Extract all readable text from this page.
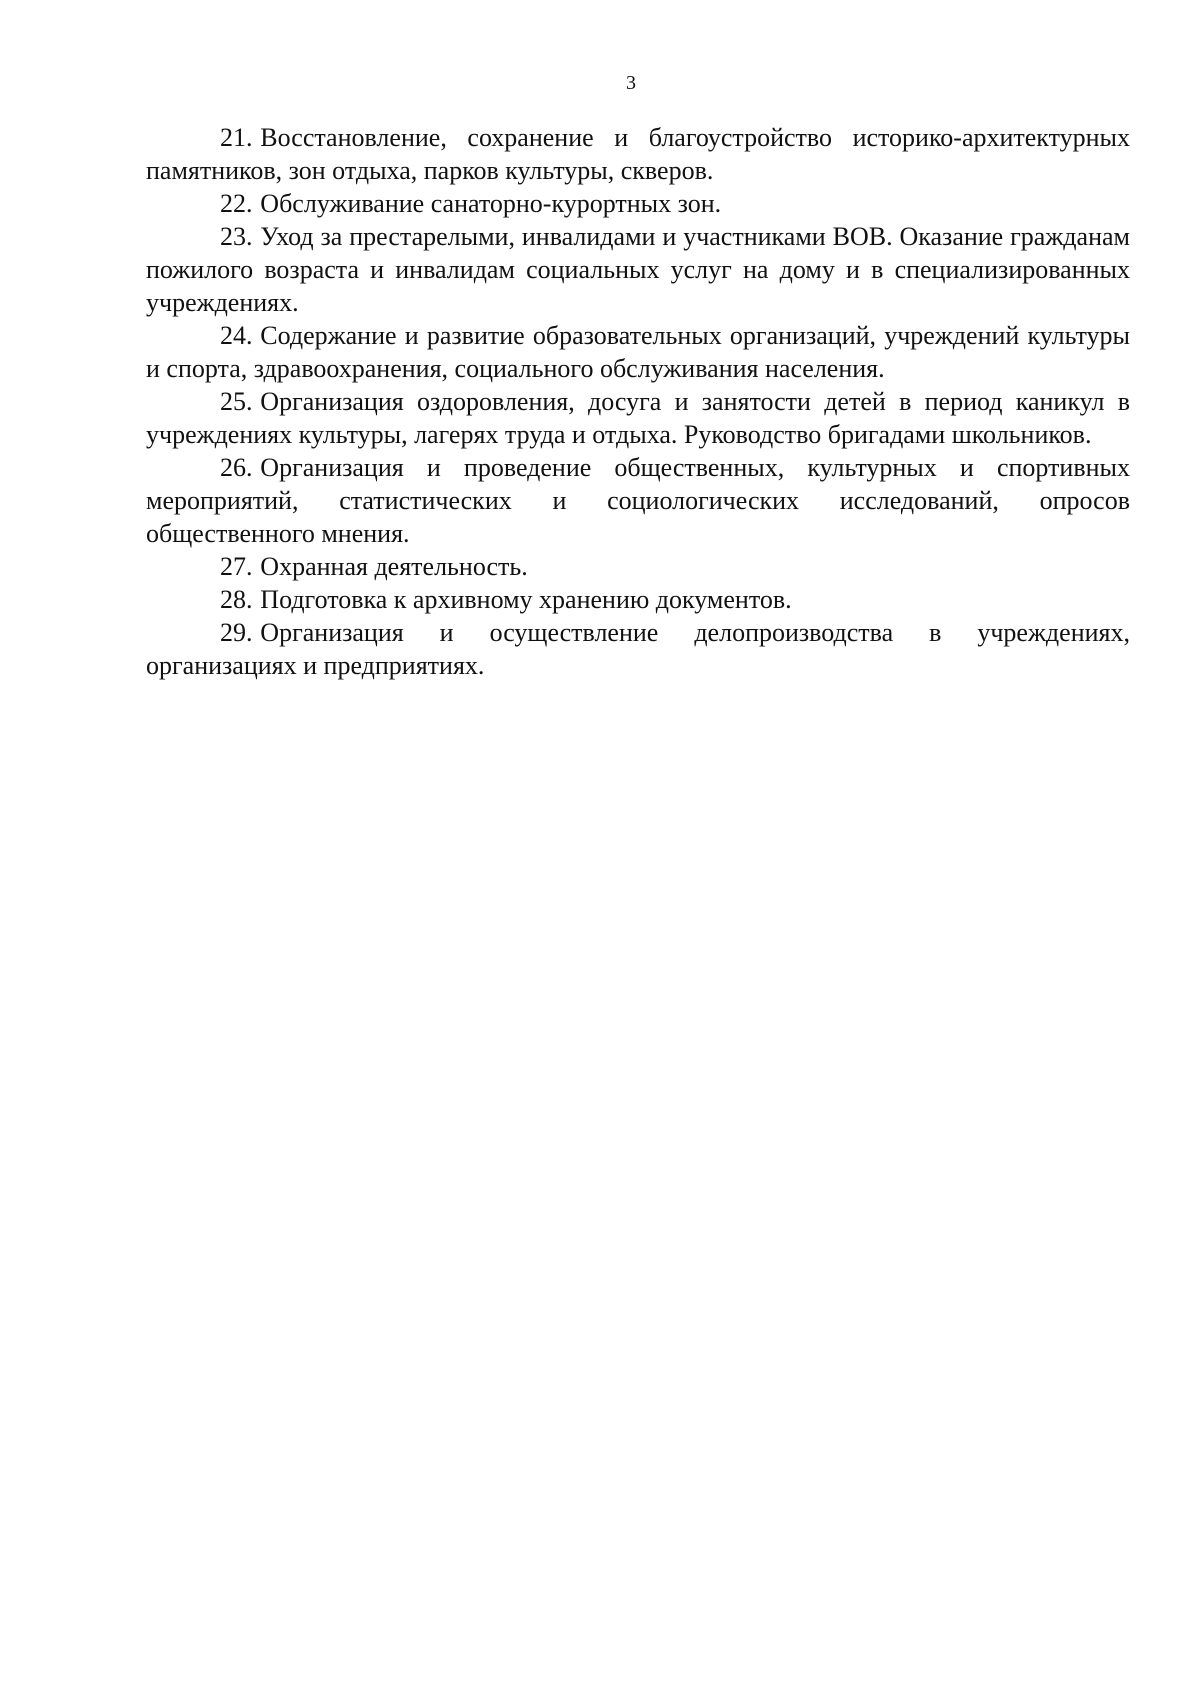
3

21. Восстановление, сохранение и благоустройство историко-архитектурных памятников, зон отдыха, парков культуры, скверов.

22. Обслуживание санаторно-курортных зон.

23. Уход за престарелыми, инвалидами и участниками ВОВ. Оказание гражданам пожилого возраста и инвалидам социальных услуг на дому и в специализированных учреждениях.

24. Содержание и развитие образовательных организаций, учреждений культуры и спорта, здравоохранения, социального обслуживания населения.

25. Организация оздоровления, досуга и занятости детей в период каникул в учреждениях культуры, лагерях труда и отдыха. Руководство бригадами школьников.

26. Организация и проведение общественных, культурных и спортивных мероприятий, статистических и социологических исследований, опросов общественного мнения.

27. Охранная деятельность.

28. Подготовка к архивному хранению документов.

29. Организация и осуществление делопроизводства в учреждениях, организациях и предприятиях.
